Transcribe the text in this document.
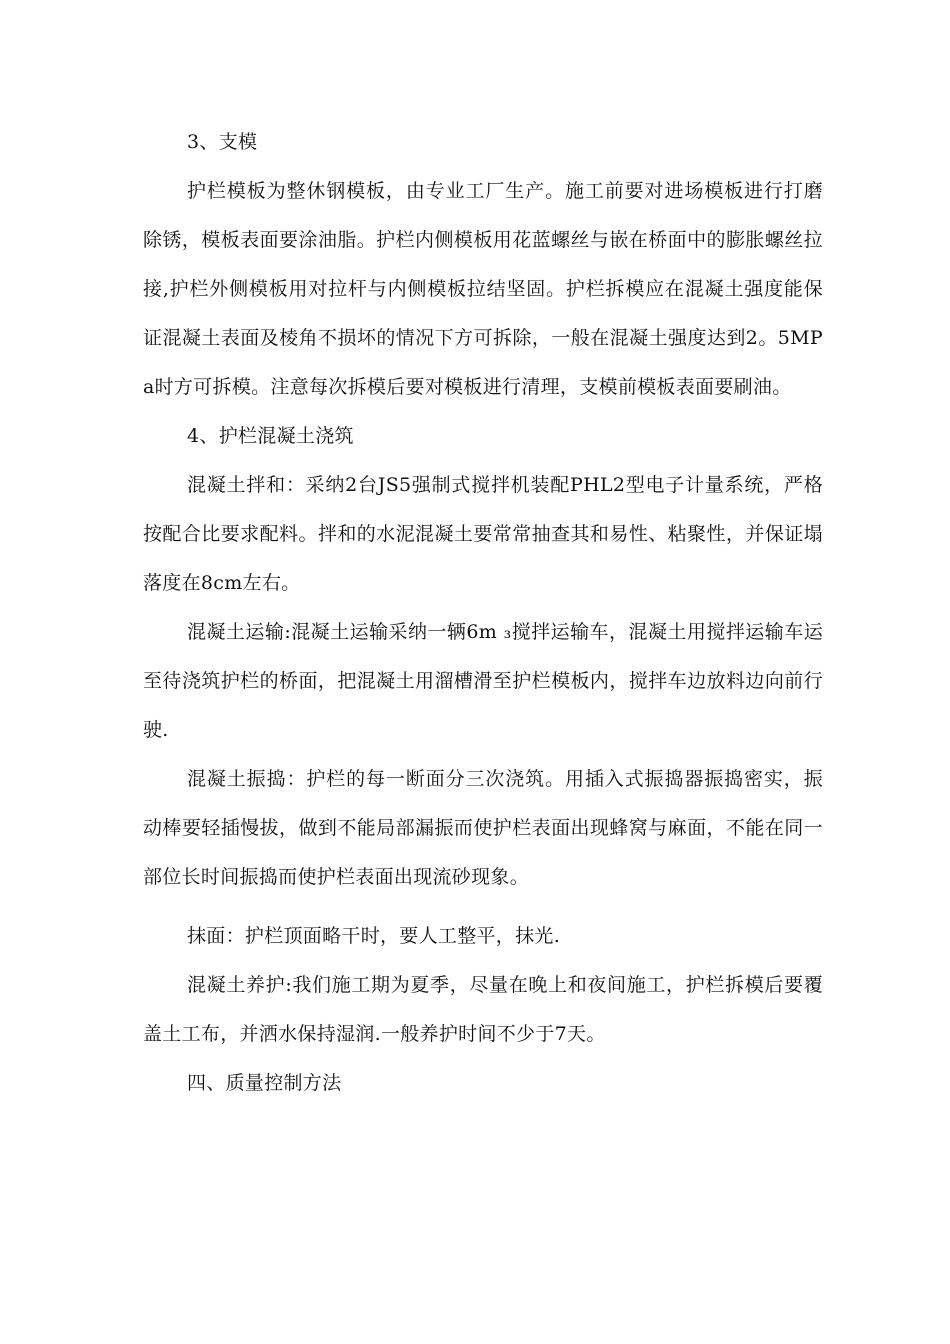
3、支模

护栏模板为整休钢模板，由专业工厂生产。施工前要对进场模板进行打磨除锈，模板表面要涂油脂。护栏内侧模板用花蓝螺丝与嵌在桥面中的膨胀螺丝拉接,护栏外侧模板用对拉杆与内侧模板拉结坚固。护栏拆模应在混凝土强度能保证混凝土表面及棱角不损坏的情况下方可拆除，一般在混凝土强度达到2。5MPa时方可拆模。注意每次拆模后要对模板进行清理，支模前模板表面要刷油。

4、护栏混凝土浇筑

混凝土拌和：采纳2台JS5强制式搅拌机装配PHL2型电子计量系统，严格按配合比要求配料。拌和的水泥混凝土要常常抽查其和易性、粘聚性，并保证塌落度在8cm左右。

混凝土运输:混凝土运输采纳一辆6m ₃搅拌运输车，混凝土用搅拌运输车运至待浇筑护栏的桥面，把混凝土用溜槽滑至护栏模板内，搅拌车边放料边向前行驶.

混凝土振捣：护栏的每一断面分三次浇筑。用插入式振捣器振捣密实，振动棒要轻插慢拔，做到不能局部漏振而使护栏表面出现蜂窝与麻面，不能在同一部位长时间振捣而使护栏表面出现流砂现象。

抹面：护栏顶面略干时，要人工整平，抹光.

混凝土养护:我们施工期为夏季，尽量在晚上和夜间施工，护栏拆模后要覆盖土工布，并洒水保持湿润.一般养护时间不少于7天。

四、质量控制方法
